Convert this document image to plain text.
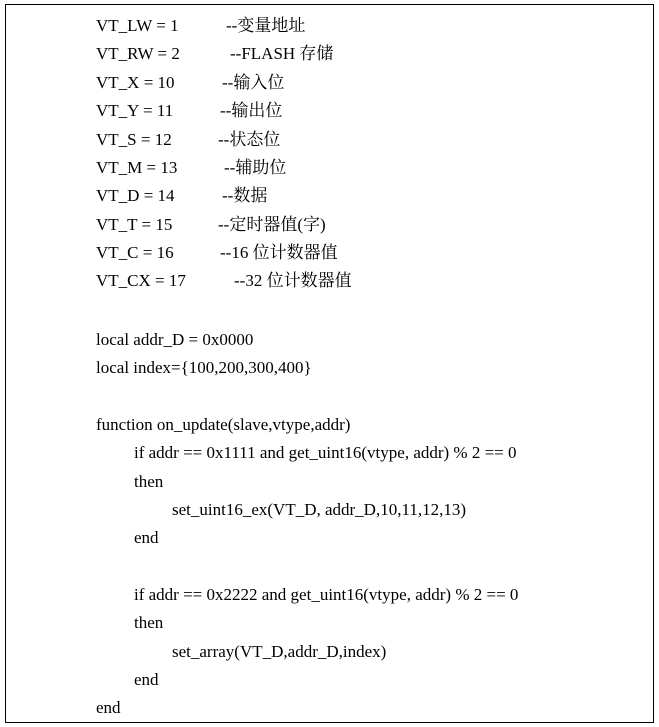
VT_LW = 1	--变量地址
VT_RW = 2	--FLASH 存储
VT_X = 10	--输入位
VT_Y = 11	--输出位
VT_S = 12	--状态位
VT_M = 13	--辅助位
VT_D = 14	--数据
VT_T = 15	--定时器值(字)
VT_C = 16	--16 位计数器值
VT_CX = 17	--32 位计数器值
local addr_D = 0x0000
local index={100,200,300,400}
function on_update(slave,vtype,addr)
if addr == 0x1111 and get_uint16(vtype, addr) % 2 == 0
then
set_uint16_ex(VT_D, addr_D,10,11,12,13)
end
if addr == 0x2222 and get_uint16(vtype, addr) % 2 == 0
then
set_array(VT_D,addr_D,index)
end
end
